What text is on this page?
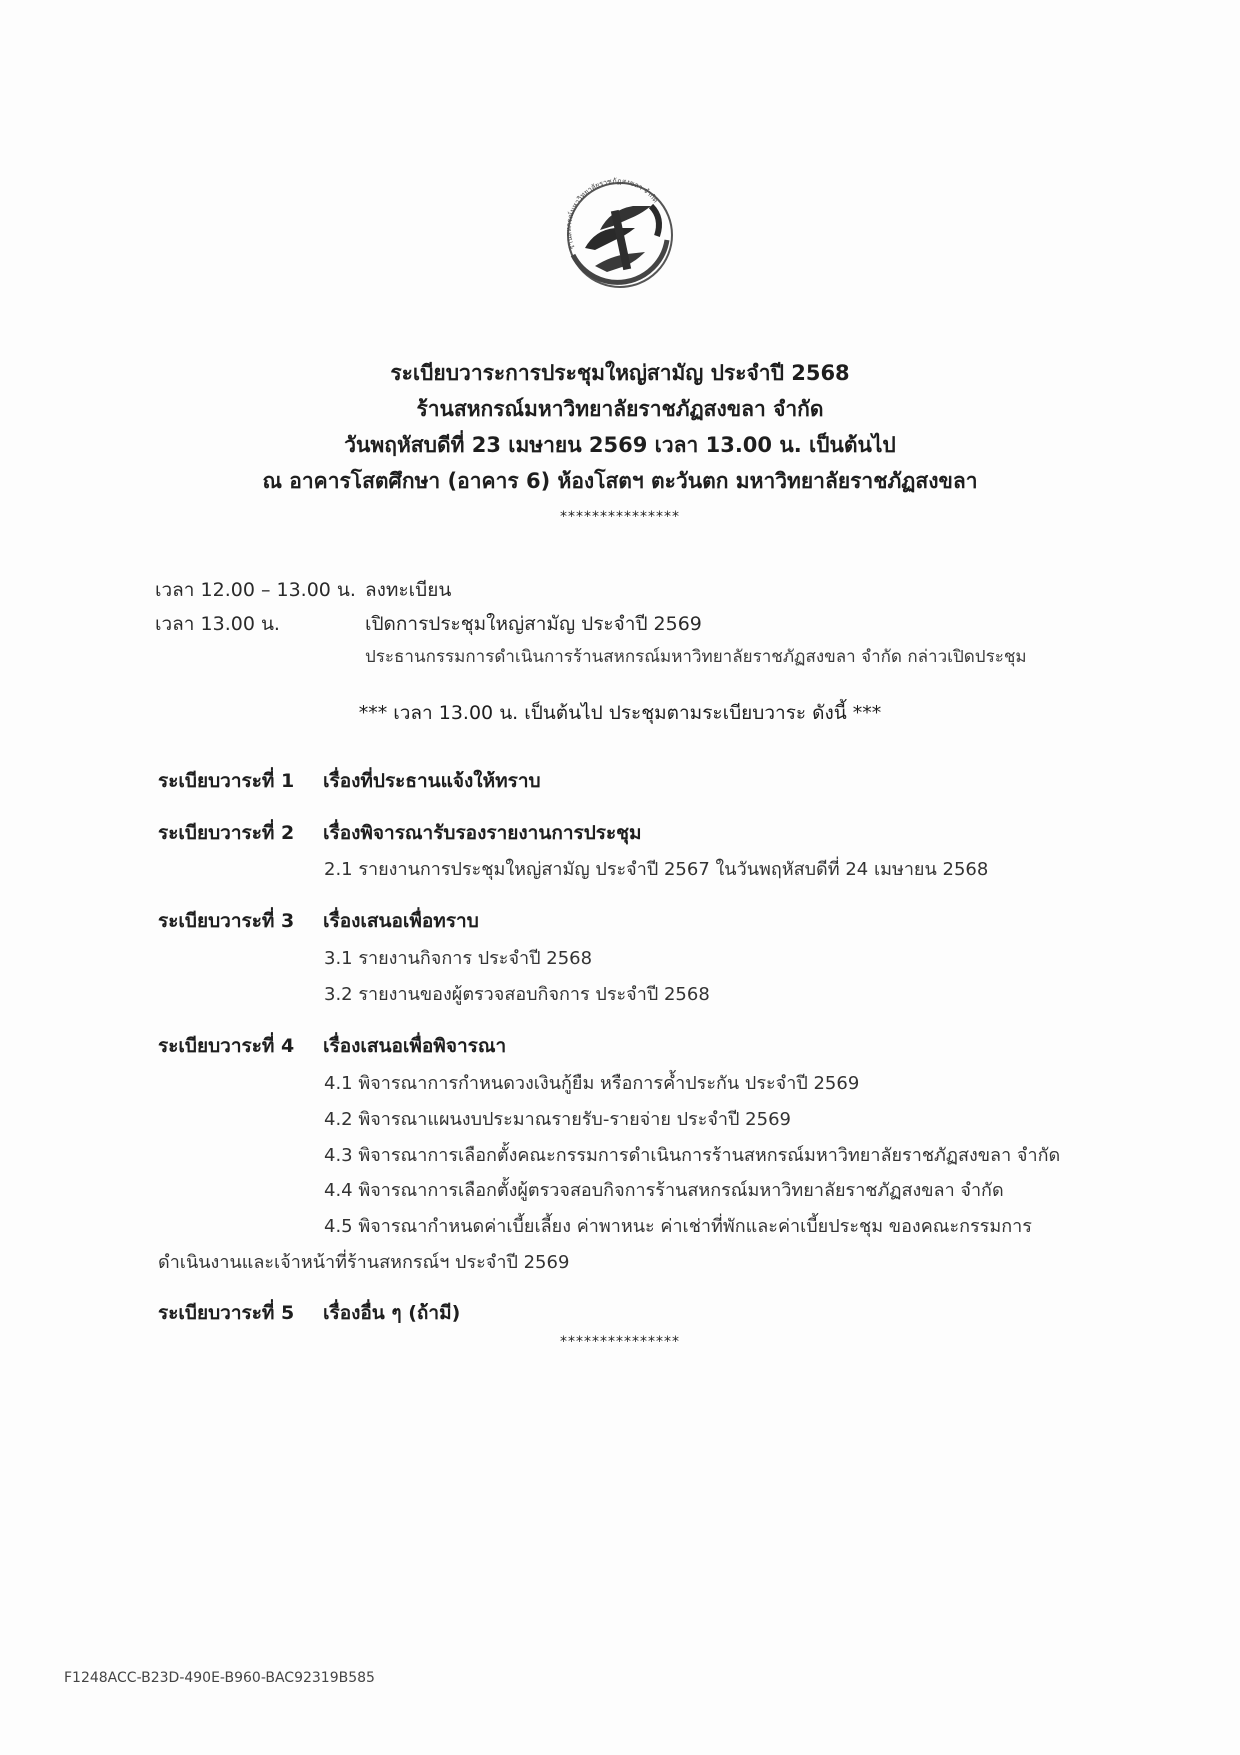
ร้านสหกรณ์มหาวิทยาลัยราชภัฏสงขลา จำกัด
ระเบียบวาระการประชุมใหญ่สามัญ ประจำปี 2568
ร้านสหกรณ์มหาวิทยาลัยราชภัฏสงขลา จำกัด
วันพฤหัสบดีที่ 23 เมษายน 2569 เวลา 13.00 น. เป็นต้นไป
ณ อาคารโสตศึกษา (อาคาร 6) ห้องโสตฯ ตะวันตก มหาวิทยาลัยราชภัฏสงขลา
***************
เวลา 12.00 – 13.00 น. ลงทะเบียน
เวลา 13.00 น.	เปิดการประชุมใหญ่สามัญ ประจำปี 2569
ประธานกรรมการดำเนินการร้านสหกรณ์มหาวิทยาลัยราชภัฏสงขลา จำกัด กล่าวเปิดประชุม
*** เวลา 13.00 น. เป็นต้นไป ประชุมตามระเบียบวาระ ดังนี้ ***
ระเบียบวาระที่ 1 เรื่องที่ประธานแจ้งให้ทราบ
ระเบียบวาระที่ 2 เรื่องพิจารณารับรองรายงานการประชุม
2.1 รายงานการประชุมใหญ่สามัญ ประจำปี 2567 ในวันพฤหัสบดีที่ 24 เมษายน 2568
ระเบียบวาระที่ 3 เรื่องเสนอเพื่อทราบ
3.1 รายงานกิจการ ประจำปี 2568
3.2 รายงานของผู้ตรวจสอบกิจการ ประจำปี 2568
ระเบียบวาระที่ 4 เรื่องเสนอเพื่อพิจารณา
4.1 พิจารณาการกำหนดวงเงินกู้ยืม หรือการค้ำประกัน ประจำปี 2569
4.2 พิจารณาแผนงบประมาณรายรับ-รายจ่าย ประจำปี 2569
4.3 พิจารณาการเลือกตั้งคณะกรรมการดำเนินการร้านสหกรณ์มหาวิทยาลัยราชภัฏสงขลา จำกัด
4.4 พิจารณาการเลือกตั้งผู้ตรวจสอบกิจการร้านสหกรณ์มหาวิทยาลัยราชภัฏสงขลา จำกัด
4.5 พิจารณากำหนดค่าเบี้ยเลี้ยง ค่าพาหนะ ค่าเช่าที่พักและค่าเบี้ยประชุม ของคณะกรรมการ
ดำเนินงานและเจ้าหน้าที่ร้านสหกรณ์ฯ ประจำปี 2569
ระเบียบวาระที่ 5 เรื่องอื่น ๆ (ถ้ามี)
***************
F1248ACC-B23D-490E-B960-BAC92319B585
